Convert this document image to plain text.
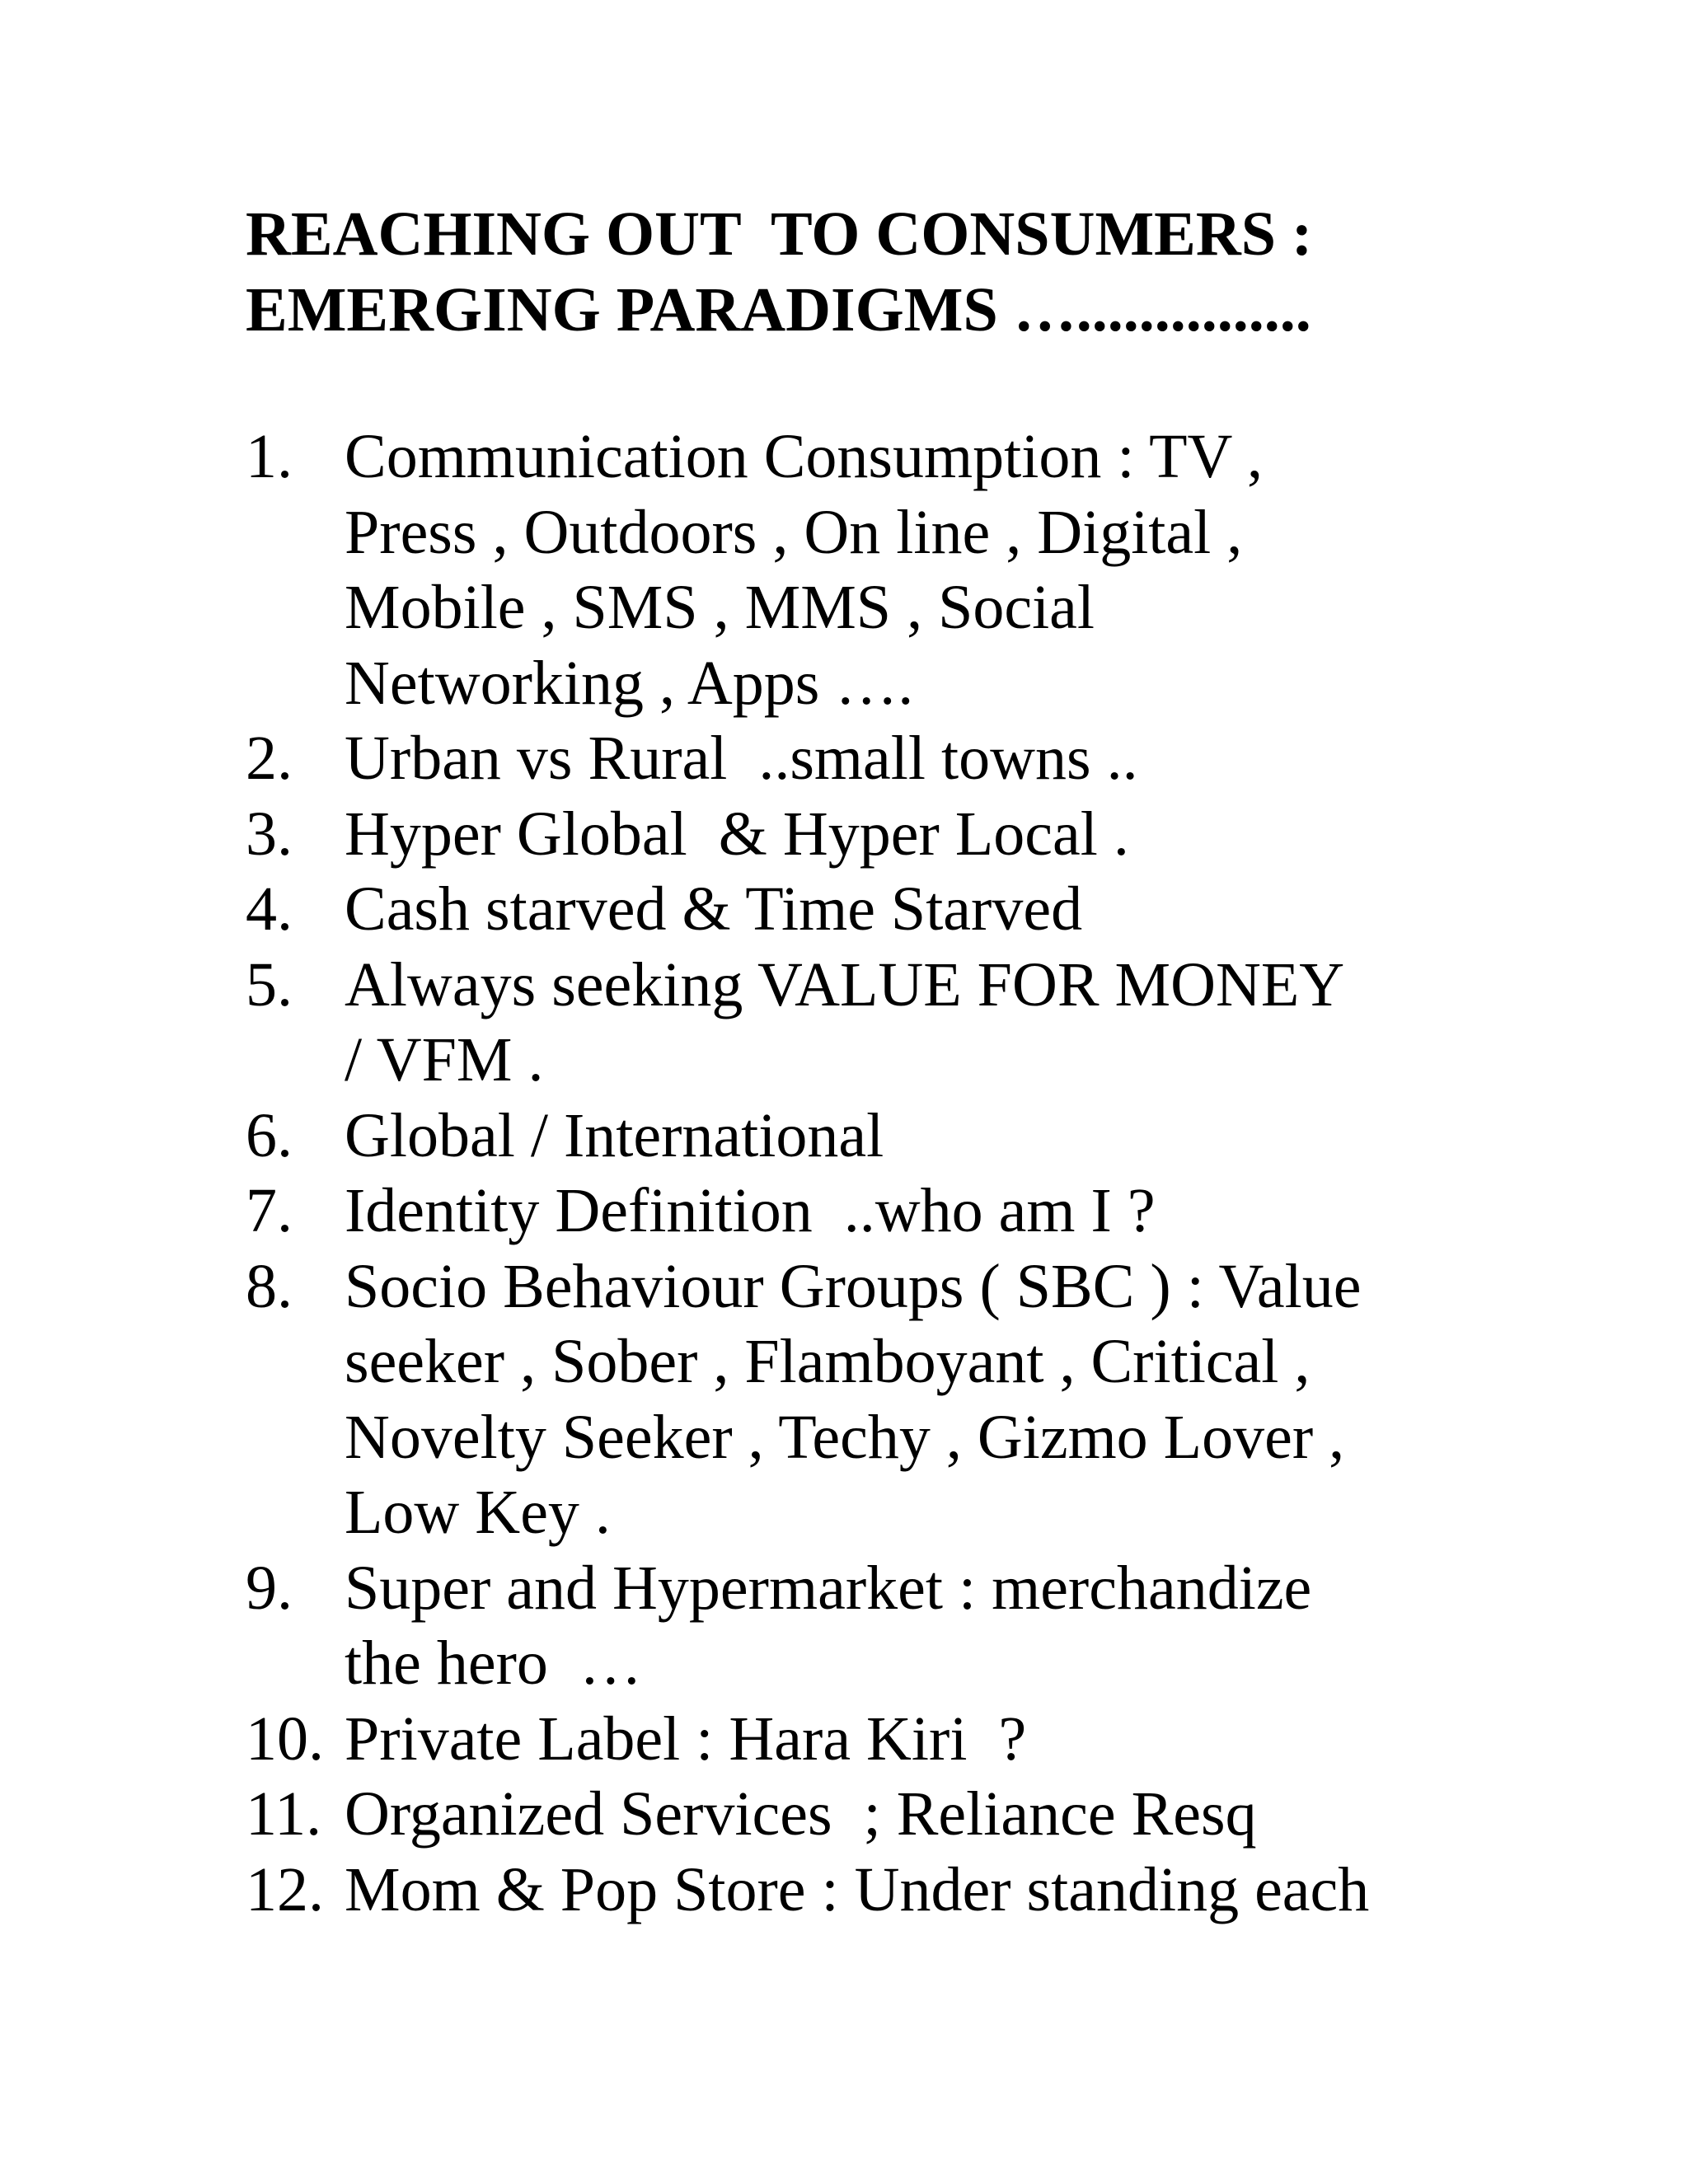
REACHING OUT  TO CONSUMERS :
EMERGING PARADIGMS …...............
1. Communication Consumption : TV ,
Press , Outdoors , On line , Digital ,
Mobile , SMS , MMS , Social
Networking , Apps ….
2. Urban vs Rural  ..small towns ..
3. Hyper Global  & Hyper Local .
4. Cash starved & Time Starved
5. Always seeking VALUE FOR MONEY
/ VFM .
6. Global / International
7. Identity Definition  ..who am I ?
8. Socio Behaviour Groups ( SBC ) : Value
seeker , Sober , Flamboyant , Critical ,
Novelty Seeker , Techy , Gizmo Lover ,
Low Key .
9. Super and Hypermarket : merchandize
the hero  …
10. Private Label : Hara Kiri  ?
11. Organized Services  ; Reliance Resq
12. Mom & Pop Store : Under standing each
